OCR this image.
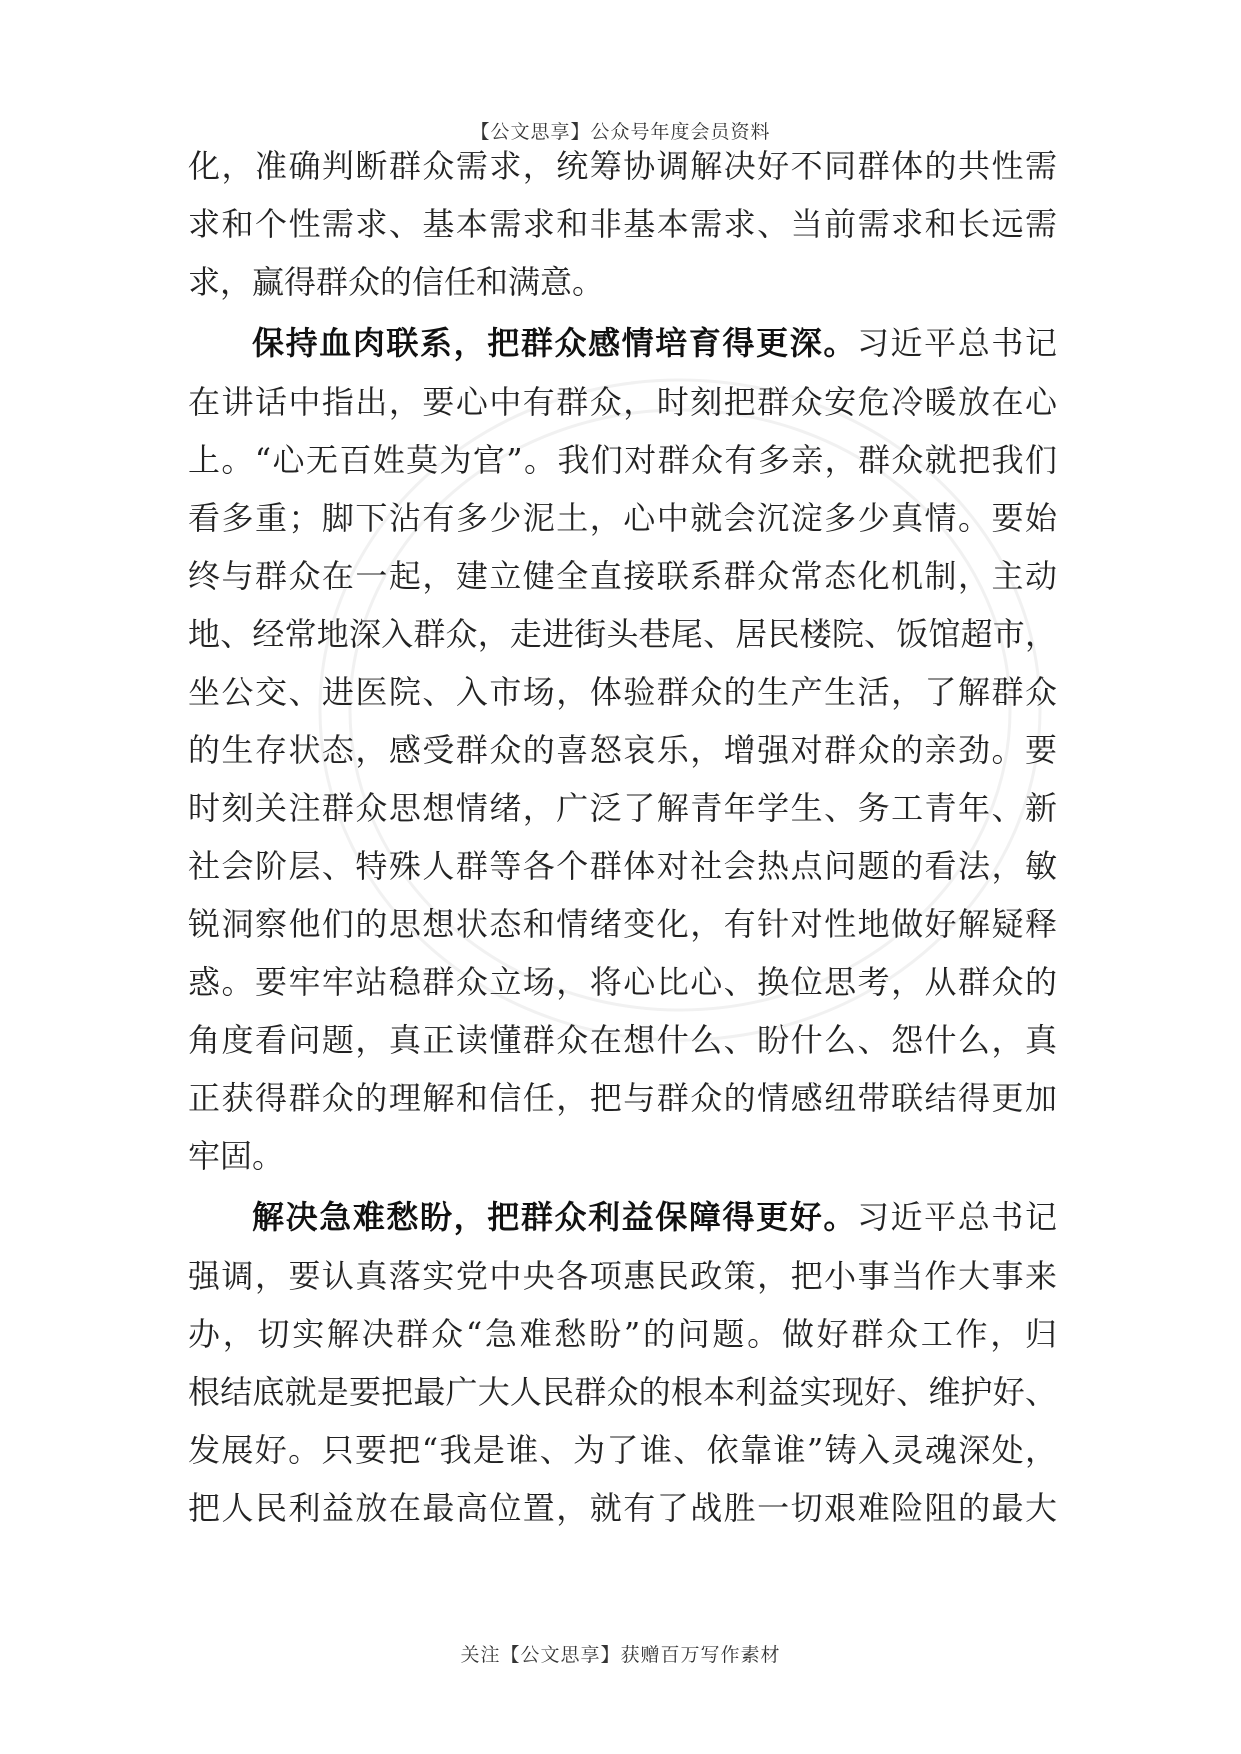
【公文思享】公众号年度会员资料
化，准确判断群众需求，统筹协调解决好不同群体的共性需
求和个性需求、基本需求和非基本需求、当前需求和长远需
求，赢得群众的信任和满意。
保持血肉联系，把群众感情培育得更深。习近平总书记
在讲话中指出，要心中有群众，时刻把群众安危冷暖放在心
上。“心无百姓莫为官”。我们对群众有多亲，群众就把我们
看多重；脚下沾有多少泥土，心中就会沉淀多少真情。要始
终与群众在一起，建立健全直接联系群众常态化机制，主动
地、经常地深入群众，走进街头巷尾、居民楼院、饭馆超市，
坐公交、进医院、入市场，体验群众的生产生活，了解群众
的生存状态，感受群众的喜怒哀乐，增强对群众的亲劲。要
时刻关注群众思想情绪，广泛了解青年学生、务工青年、新
社会阶层、特殊人群等各个群体对社会热点问题的看法，敏
锐洞察他们的思想状态和情绪变化，有针对性地做好解疑释
惑。要牢牢站稳群众立场，将心比心、换位思考，从群众的
角度看问题，真正读懂群众在想什么、盼什么、怨什么，真
正获得群众的理解和信任，把与群众的情感纽带联结得更加
牢固。
解决急难愁盼，把群众利益保障得更好。习近平总书记
强调，要认真落实党中央各项惠民政策，把小事当作大事来
办，切实解决群众“急难愁盼”的问题。做好群众工作，归
根结底就是要把最广大人民群众的根本利益实现好、维护好、
发展好。只要把“我是谁、为了谁、依靠谁”铸入灵魂深处，
把人民利益放在最高位置，就有了战胜一切艰难险阻的最大
关注【公文思享】获赠百万写作素材
